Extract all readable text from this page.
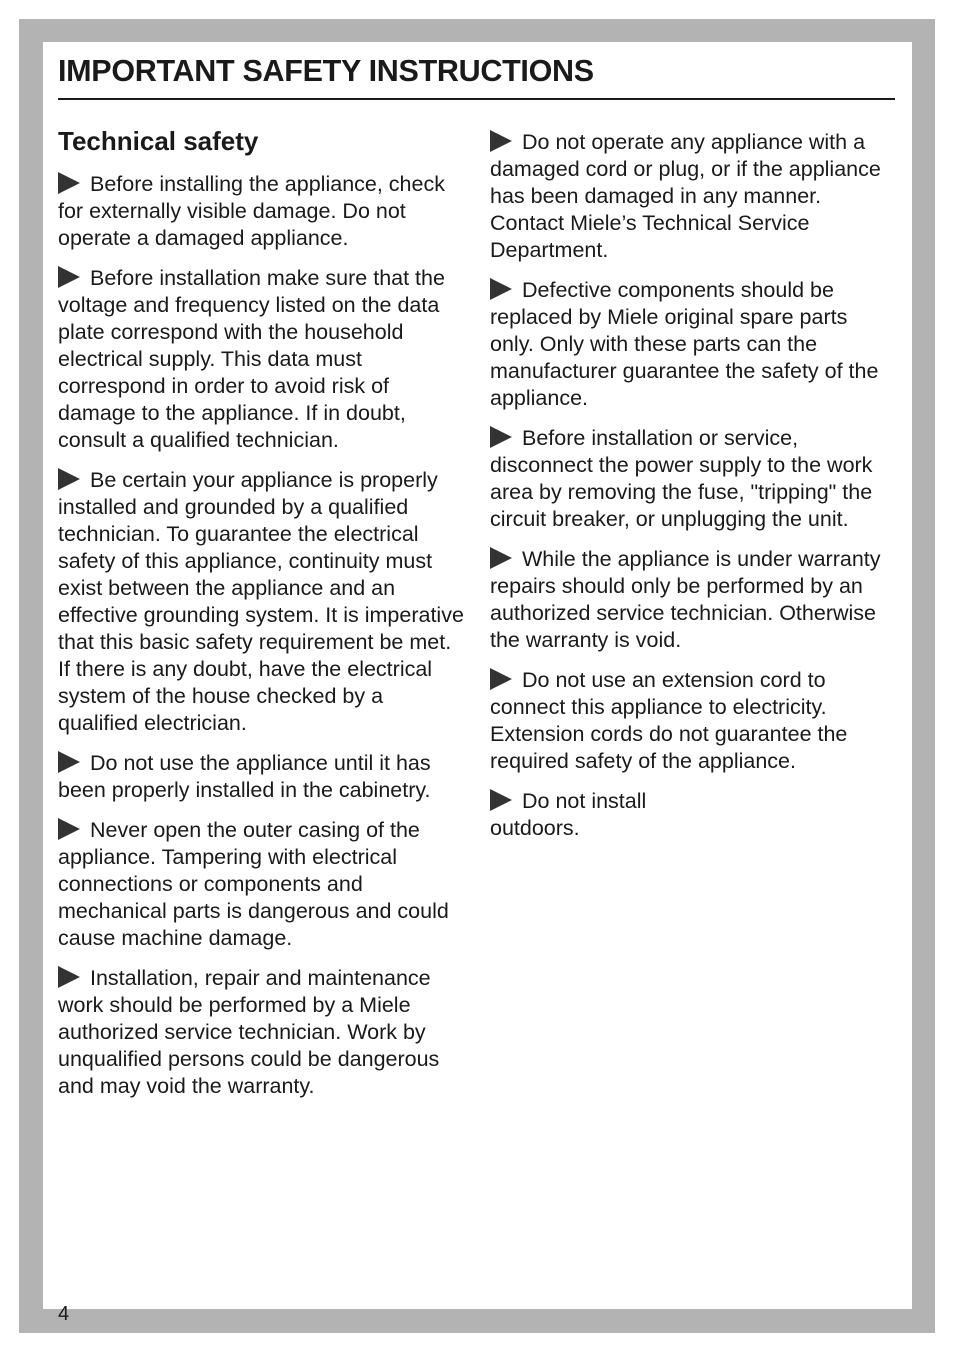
IMPORTANT SAFETY INSTRUCTIONS
Technical safety

Before installing the appliance, check for externally visible damage. Do not operate a damaged appliance.

Before installation make sure that the voltage and frequency listed on the data plate correspond with the household electrical supply. This data must correspond in order to avoid risk of damage to the appliance. If in doubt, consult a qualified technician.

Be certain your appliance is properly installed and grounded by a qualified technician. To guarantee the electrical safety of this appliance, continuity must exist between the appliance and an effective grounding system. It is imperative that this basic safety requirement be met. If there is any doubt, have the electrical system of the house checked by a qualified electrician.

Do not use the appliance until it has been properly installed in the cabinetry.

Never open the outer casing of the appliance. Tampering with electrical connections or components and mechanical parts is dangerous and could cause machine damage.

Installation, repair and maintenance work should be performed by a Miele authorized service technician. Work by unqualified persons could be dangerous and may void the warranty.

Do not operate any appliance with a damaged cord or plug, or if the appliance has been damaged in any manner. Contact Miele’s Technical Service Department.

Defective components should be replaced by Miele original spare parts only. Only with these parts can the manufacturer guarantee the safety of the appliance.

Before installation or service, disconnect the power supply to the work area by removing the fuse, "tripping" the circuit breaker, or unplugging the unit.

While the appliance is under warranty repairs should only be performed by an authorized service technician. Otherwise the warranty is void.

Do not use an extension cord to connect this appliance to electricity. Extension cords do not guarantee the required safety of the appliance.

Do not install outdoors.

4
